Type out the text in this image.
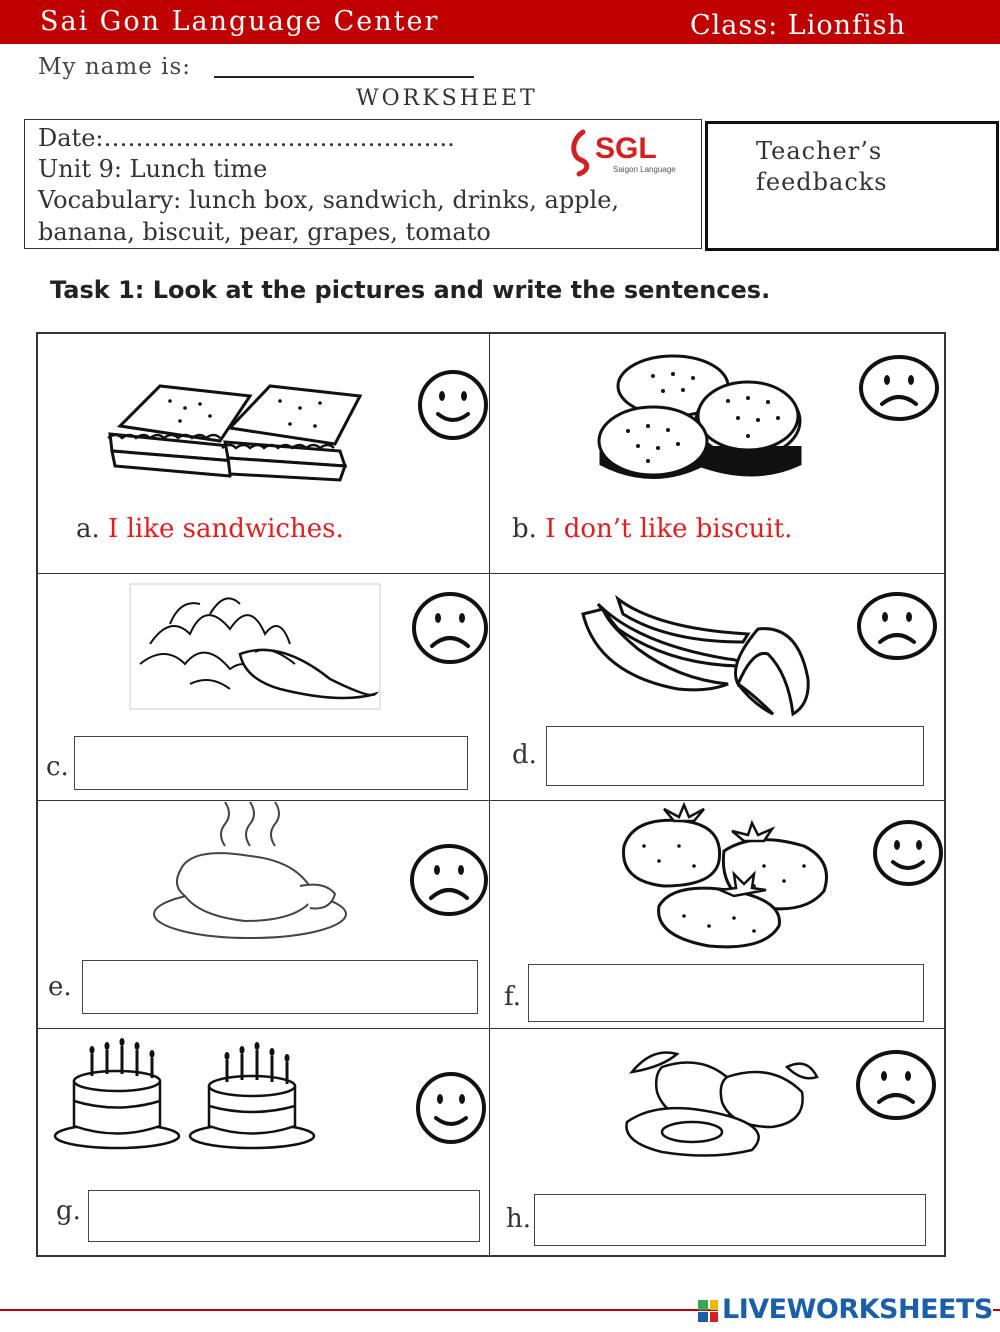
Sai Gon Language Center	Class: Lionfish
My name is:
WORKSHEET
Date:……………………………………..
Unit 9: Lunch time
Vocabulary: lunch box, sandwich, drinks, apple,
banana, biscuit, pear, grapes, tomato
SGL
Saigon Language
Teacher’s feedbacks
Task 1: Look at the pictures and write the sentences.
a. I like sandwiches.	b. I don’t like biscuit.
c.	d.
e.	f.
g.	h.
LIVEWORKSHEETS
